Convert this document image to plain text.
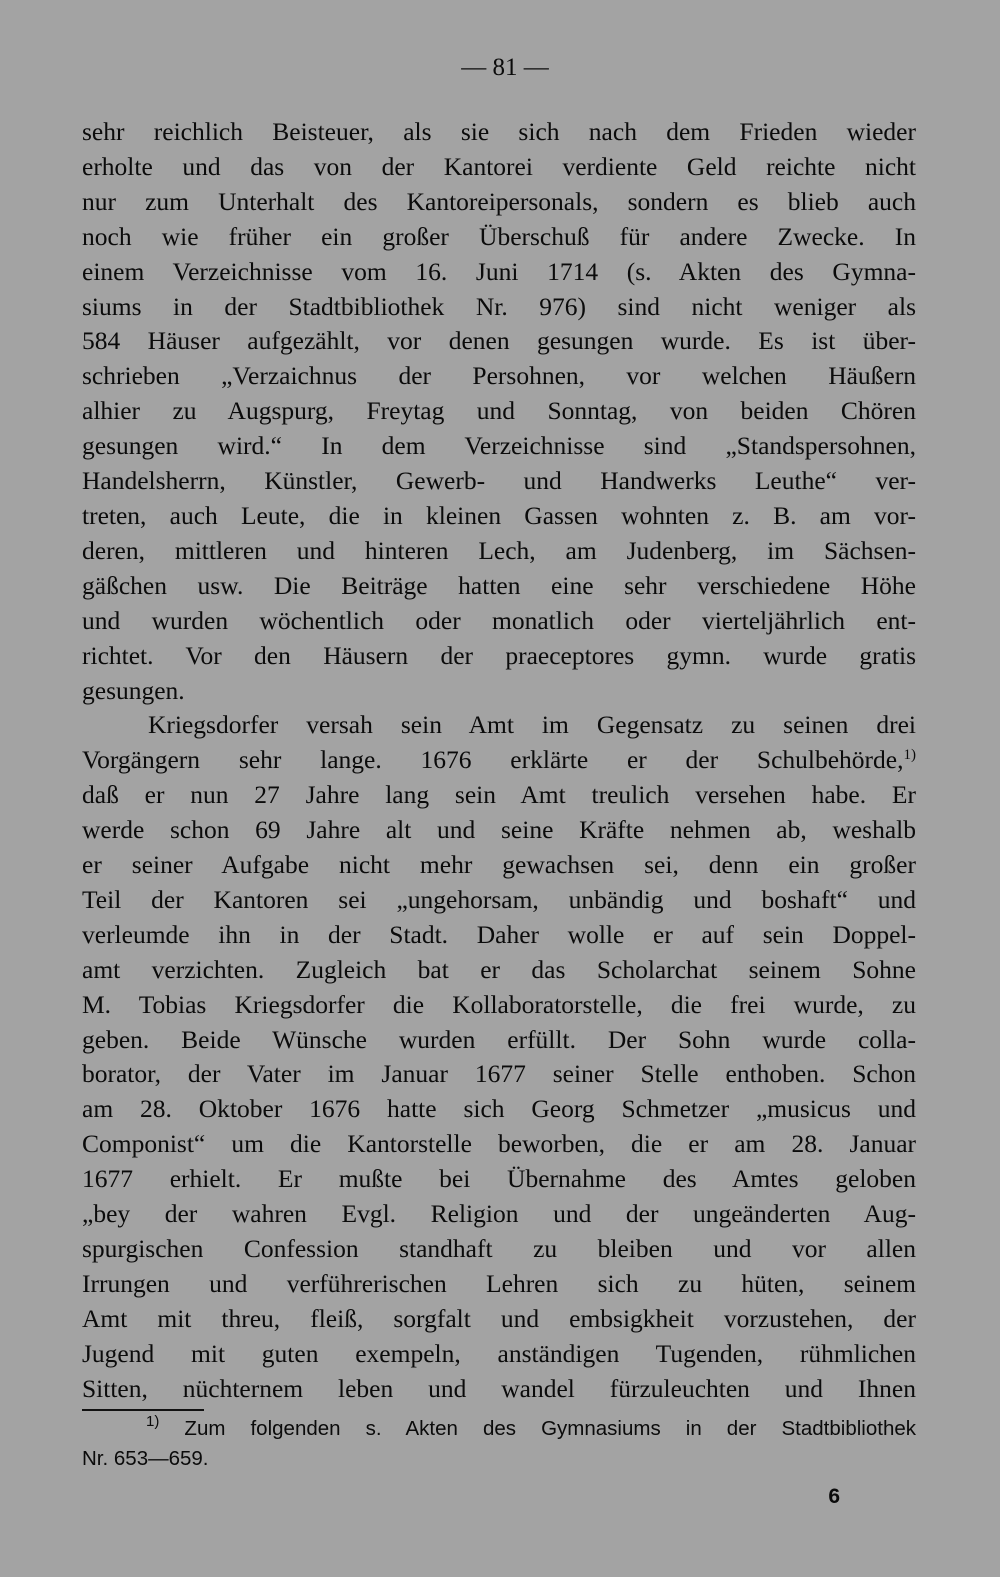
— 81 —
sehr reichlich Beisteuer, als sie sich nach dem Frieden wieder
erholte und das von der Kantorei verdiente Geld reichte nicht
nur zum Unterhalt des Kantoreipersonals, sondern es blieb auch
noch wie früher ein großer Überschuß für andere Zwecke. In
einem Verzeichnisse vom 16. Juni 1714 (s. Akten des Gymna-
siums in der Stadtbibliothek Nr. 976) sind nicht weniger als
584 Häuser aufgezählt, vor denen gesungen wurde. Es ist über-
schrieben „Verzaichnus der Persohnen, vor welchen Häußern
alhier zu Augspurg, Freytag und Sonntag, von beiden Chören
gesungen wird.“ In dem Verzeichnisse sind „Standspersohnen,
Handelsherrn, Künstler, Gewerb- und Handwerks Leuthe“ ver-
treten, auch Leute, die in kleinen Gassen wohnten z. B. am vor-
deren, mittleren und hinteren Lech, am Judenberg, im Sächsen-
gäßchen usw. Die Beiträge hatten eine sehr verschiedene Höhe
und wurden wöchentlich oder monatlich oder vierteljährlich ent-
richtet. Vor den Häusern der praeceptores gymn. wurde gratis
gesungen.
Kriegsdorfer versah sein Amt im Gegensatz zu seinen drei
Vorgängern sehr lange. 1676 erklärte er der Schulbehörde,$^{1)}$
daß er nun 27 Jahre lang sein Amt treulich versehen habe. Er
werde schon 69 Jahre alt und seine Kräfte nehmen ab, weshalb
er seiner Aufgabe nicht mehr gewachsen sei, denn ein großer
Teil der Kantoren sei „ungehorsam, unbändig und boshaft“ und
verleumde ihn in der Stadt. Daher wolle er auf sein Doppel-
amt verzichten. Zugleich bat er das Scholarchat seinem Sohne
M. Tobias Kriegsdorfer die Kollaboratorstelle, die frei wurde, zu
geben. Beide Wünsche wurden erfüllt. Der Sohn wurde colla-
borator, der Vater im Januar 1677 seiner Stelle enthoben. Schon
am 28. Oktober 1676 hatte sich Georg Schmetzer „musicus und
Componist“ um die Kantorstelle beworben, die er am 28. Januar
1677 erhielt. Er mußte bei Übernahme des Amtes geloben
„bey der wahren Evgl. Religion und der ungeänderten Aug-
spurgischen Confession standhaft zu bleiben und vor allen
Irrungen und verführerischen Lehren sich zu hüten, seinem
Amt mit threu, fleiß, sorgfalt und embsigkheit vorzustehen, der
Jugend mit guten exempeln, anständigen Tugenden, rühmlichen
Sitten, nüchternem leben und wandel fürzuleuchten und Ihnen
$^{1)}$ Zum folgenden s. Akten des Gymnasiums in der Stadtbibliothek
Nr. 653—659.
6
